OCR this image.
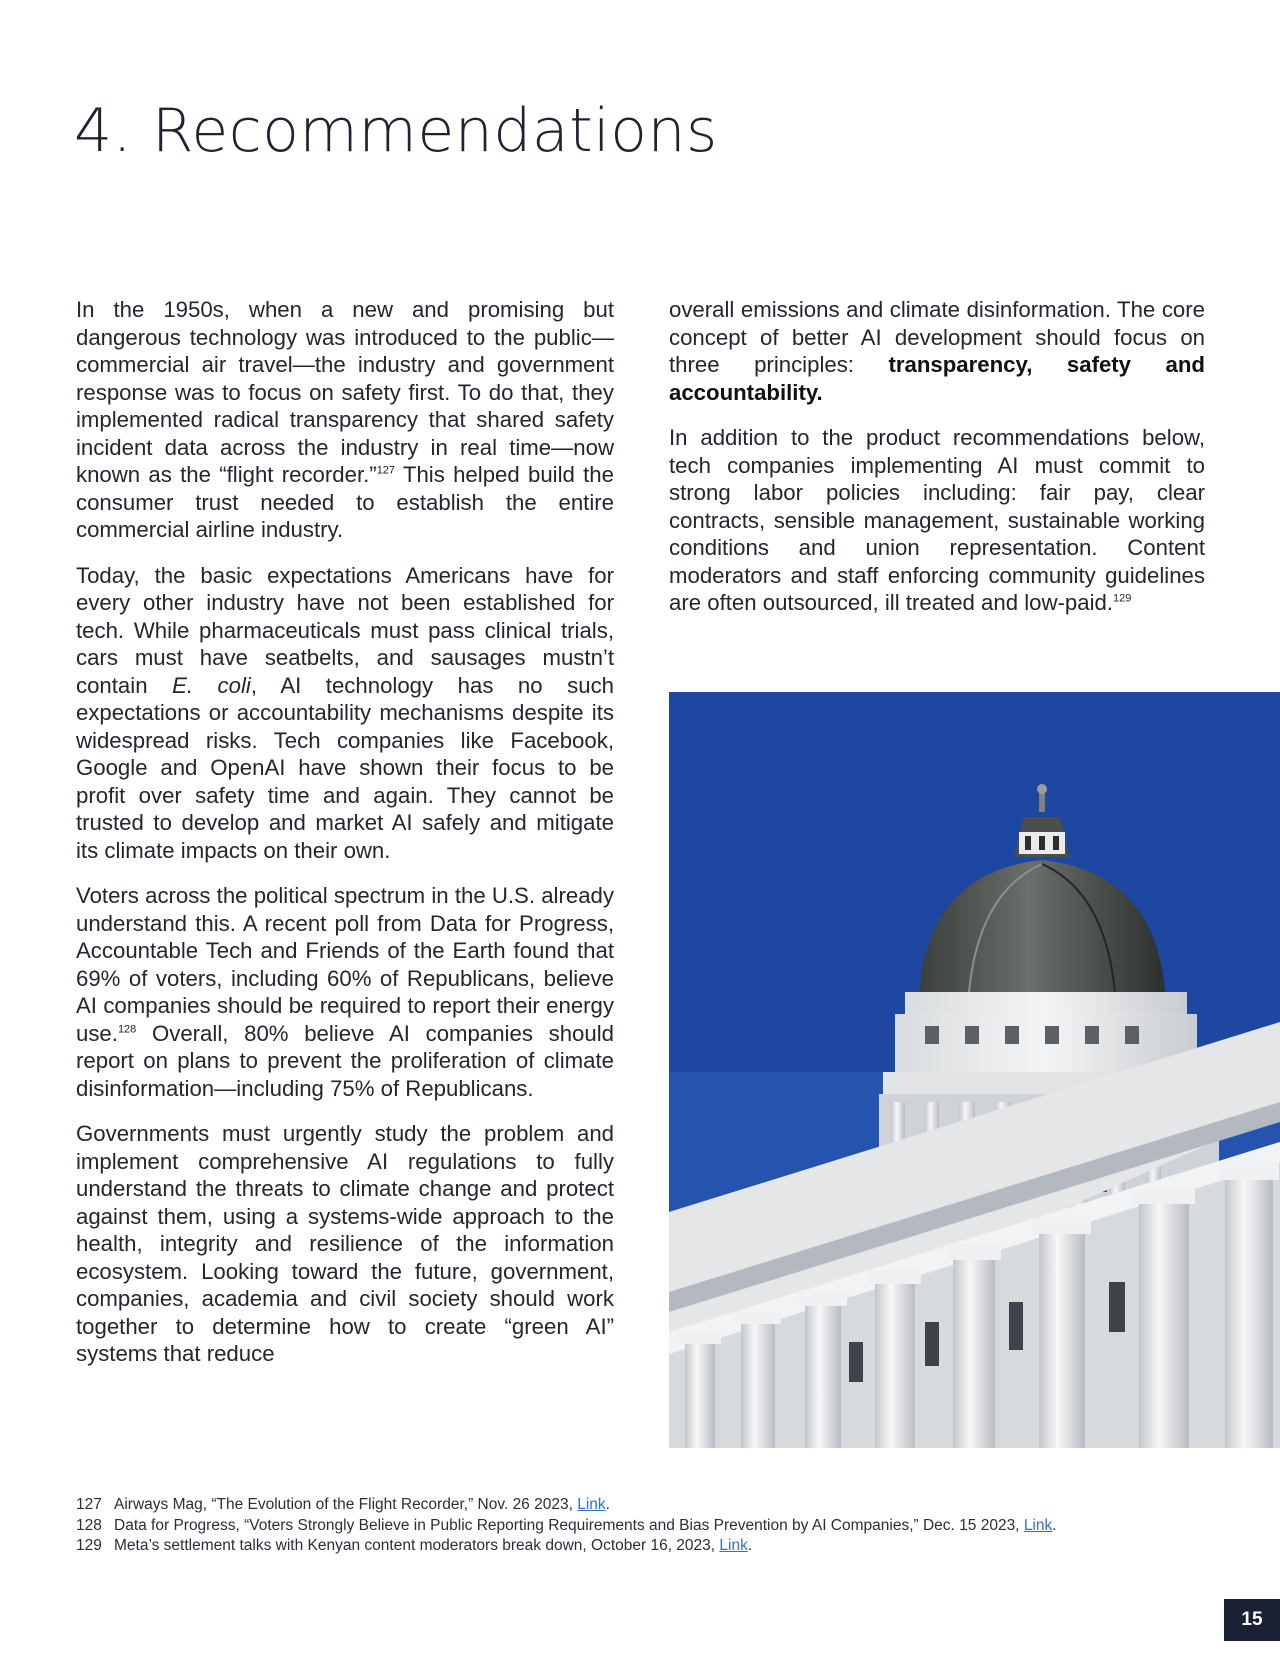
4. Recommendations

In the 1950s, when a new and promising but dangerous technology was introduced to the public—commercial air travel—the industry and government response was to focus on safety first. To do that, they implemented radical transparency that shared safety incident data across the industry in real time—now known as the “flight recorder.”$^{127}$ This helped build the consumer trust needed to establish the entire commercial airline industry.

Today, the basic expectations Americans have for every other industry have not been established for tech. While pharmaceuticals must pass clinical trials, cars must have seatbelts, and sausages mustn’t contain E. coli, AI technology has no such expectations or accountability mechanisms despite its widespread risks. Tech companies like Facebook, Google and OpenAI have shown their focus to be profit over safety time and again. They cannot be trusted to develop and market AI safely and mitigate its climate impacts on their own.

Voters across the political spectrum in the U.S. already understand this. A recent poll from Data for Progress, Accountable Tech and Friends of the Earth found that 69% of voters, including 60% of Republicans, believe AI companies should be required to report their energy use.$^{128}$ Overall, 80% believe AI companies should report on plans to prevent the proliferation of climate disinformation—including 75% of Republicans.

Governments must urgently study the problem and implement comprehensive AI regulations to fully understand the threats to climate change and protect against them, using a systems-wide approach to the health, integrity and resilience of the information ecosystem. Looking toward the future, government, companies, academia and civil society should work together to determine how to create “green AI” systems that reduce

overall emissions and climate disinformation. The core concept of better AI development should focus on three principles: transparency, safety and accountability.

In addition to the product recommendations below, tech companies implementing AI must commit to strong labor policies including: fair pay, clear contracts, sensible management, sustainable working conditions and union representation. Content moderators and staff enforcing community guidelines are often outsourced, ill treated and low-paid.$^{129}$

127 Airways Mag, “The Evolution of the Flight Recorder,” Nov. 26 2023, Link.
128 Data for Progress, “Voters Strongly Believe in Public Reporting Requirements and Bias Prevention by AI Companies,” Dec. 15 2023, Link.
129 Meta’s settlement talks with Kenyan content moderators break down, October 16, 2023, Link.
15
